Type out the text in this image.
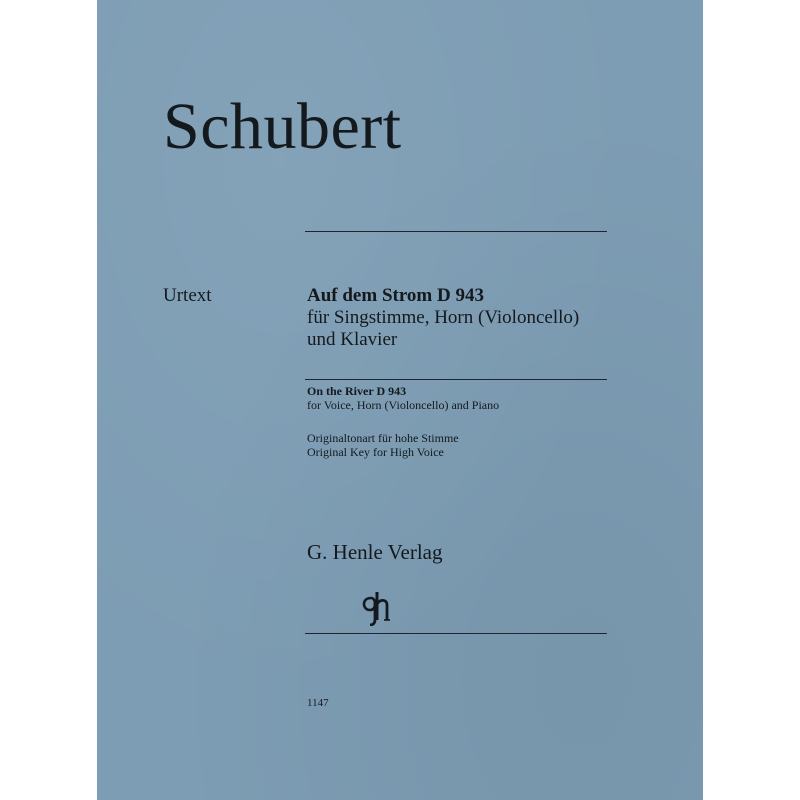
Schubert
Urtext	Auf dem Strom D 943
für Singstimme, Horn (Violoncello)
und Klavier
On the River D 943
for Voice, Horn (Violoncello) and Piano
Originaltonart für hohe Stimme
Original Key for High Voice
G. Henle Verlag
1147
